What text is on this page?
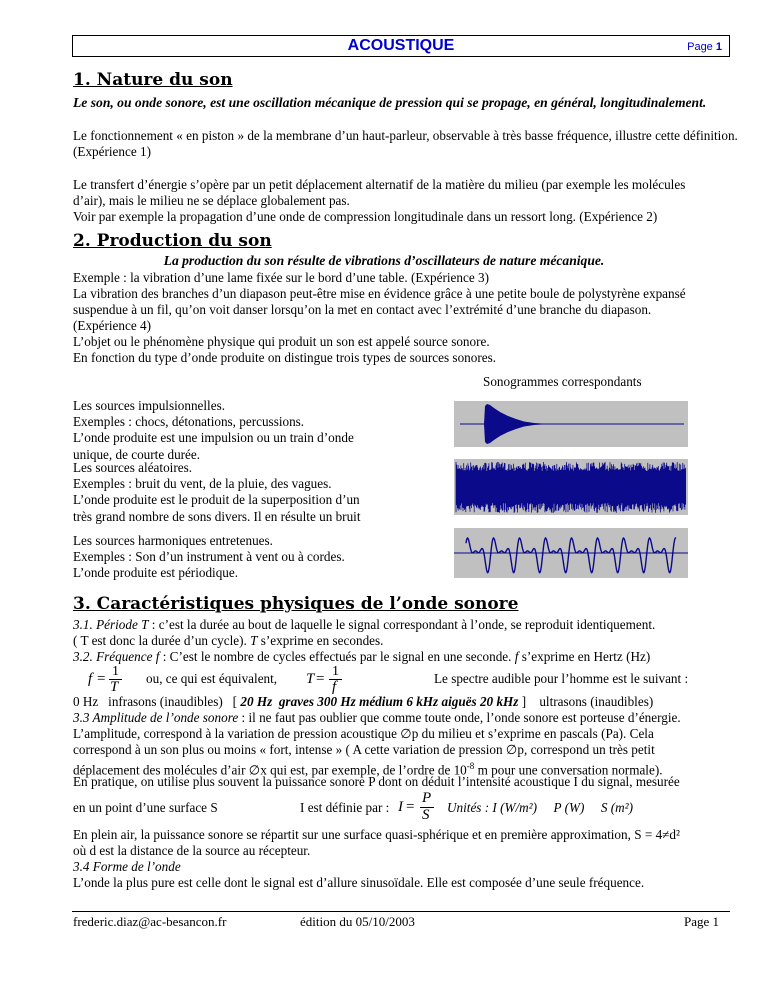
ACOUSTIQUE	Page 1
1. Nature du son
Le son, ou onde sonore, est une oscillation mécanique de pression qui se propage, en général, longitudinalement.
Le fonctionnement « en piston » de la membrane d’un haut-parleur, observable à très basse fréquence, illustre cette définition. (Expérience 1)
Le transfert d’énergie s’opère par un petit déplacement alternatif de la matière du milieu (par exemple les molécules d’air), mais le milieu ne se déplace globalement pas.
Voir par exemple la propagation d’une onde de compression longitudinale dans un ressort long. (Expérience 2)
2. Production du son
La production du son résulte de vibrations d’oscillateurs de nature mécanique.
Exemple : la vibration d’une lame fixée sur le bord d’une table. (Expérience 3)
La vibration des branches d’un diapason peut-être mise en évidence grâce à une petite boule de polystyrène expansé suspendue à un fil, qu’on voit danser lorsqu’on la met en contact avec l’extrémité d’une branche du diapason. (Expérience 4)
L’objet ou le phénomène physique qui produit un son est appelé source sonore.
En fonction du type d’onde produite on distingue trois types de sources sonores.
Sonogrammes correspondants
Les sources impulsionnelles.
Exemples : chocs, détonations, percussions.
L’onde produite est une impulsion ou un train d’onde
unique, de courte durée.
Les sources aléatoires.
Exemples : bruit du vent, de la pluie, des vagues.
L’onde produite est le produit de la superposition d’un
très grand nombre de sons divers. Il en résulte un bruit
Les sources harmoniques entretenues.
Exemples : Son d’un instrument à vent ou à cordes.
L’onde produite est périodique.
3. Caractéristiques physiques de l’onde sonore
3.1. Période T : c’est la durée au bout de laquelle le signal correspondant à l’onde, se reproduit identiquement.
( T est donc la durée d’un cycle). T s’exprime en secondes.
3.2. Fréquence f : C’est le nombre de cycles effectués par le signal en une seconde. f s’exprime en Hertz (Hz)
f = 1
T
ou, ce qui est équivalent, T = 1
f
Le spectre audible pour l’homme est le suivant :
0 Hz   infrasons (inaudibles)   [ 20 Hz  graves 300 Hz médium 6 kHz aiguës 20 kHz ]    ultrasons (inaudibles)
3.3 Amplitude de l’onde sonore : il ne faut pas oublier que comme toute onde, l’onde sonore est porteuse d’énergie.
L’amplitude, correspond à la variation de pression acoustique ∅p du milieu et s’exprime en pascals (Pa). Cela
correspond à un son plus ou moins « fort, intense » ( A cette variation de pression ∅p, correspond un très petit
déplacement des molécules d’air ∅x qui est, par exemple, de l’ordre de $10^{-8}$ m pour une conversation normale).
En pratique, on utilise plus souvent la puissance sonore P dont on déduit l’intensité acoustique I du signal, mesurée
en un point d’une surface S	I est définie par : I =
P
S Unités : I (W/m²)     P (W)     S (m²)
En plein air, la puissance sonore se répartit sur une surface quasi-sphérique et en première approximation, S = 4≠d²
où d est la distance de la source au récepteur.
3.4 Forme de l’onde
L’onde la plus pure est celle dont le signal est d’allure sinusoïdale. Elle est composée d’une seule fréquence.
frederic.diaz@ac-besancon.fr	édition du 05/10/2003	Page 1
